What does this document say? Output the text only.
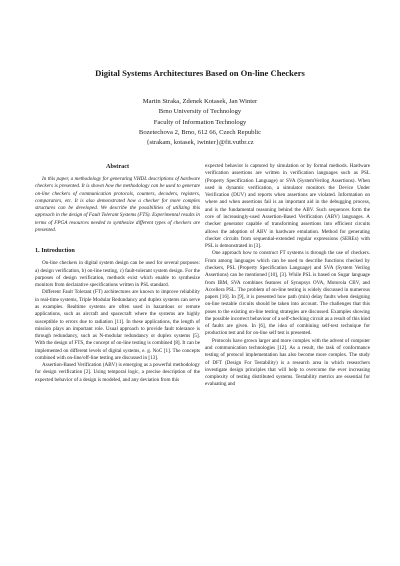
Digital Systems Architectures Based on On-line Checkers
Martin Straka, Zdenek Kotasek, Jan Winter
Brno University of Technology
Faculty of Information Technology
Bozetechova 2, Brno, 612 66, Czech Republic
{strakam, kotasek, iwinter}@fit.vutbr.cz
Abstract

In this paper, a methodology for generating VHDL descriptions of hardware checkers is presented. It is shown how the methodology can be used to generate on-line checkers of communication protocols, counters, decoders, registers, comparators, etc. It is also demonstrated how a checker for more complex structures can be developed. We describe the possibilities of utilizing this approach in the design of Fault Tolerant Systems (FTS). Experimental results in terms of FPGA resources needed to synthesize different types of checkers are presented.

1. Introduction

On-line checkers in digital system design can be used for several purposes: a) design verification, b) on-line testing, c) fault-tolerant system design. For the purposes of design verification, methods exist which enable to synthesize monitors from declarative specifications written in PSL standard.

Different Fault Tolerant (FT) architectures are known to improve reliability in real-time systems, Triple Modular Redundancy and duplex systems can serve as examples. Realtime systems are often used in hazardous or remote applications, such as aircraft and spacecraft where the systems are highly susceptible to errors due to radiation [11]. In these applications, the length of mission plays an important role. Usual approach to provide fault tolerance is through redundancy, such as N-modular redundancy or duplex systems [5]. With the design of FTS, the concept of on-line testing is combined [8]. It can be implemented on different levels of digital systems, e. g. NoC [1]. The concepts combined with on-line/off-line testing are discussed in [13].

Assertion-Based Verification (ABV) is emerging as a powerful methodology for design verification [2]. Using temporal logic, a precise description of the expected behavior of a design is modeled, and any deviation from this

expected behavior is captured by simulation or by formal methods. Hardware verification assertions are written in verification languages such as PSL (Property Specification Language) or SVA (SystemVerilog Assertions). When used in dynamic verification, a simulator monitors the Device Under Verification (DUV) and reports when assertions are violated. Information on where and when assertions fail is an important aid in the debugging process, and is the fundamental reasoning behind the ABV. Such sequences form the core of increasingly-used Assertion-Based Verification (ABV) languages. A checker generator capable of transforming assertions into efficient circuits allows the adoption of ABV in hardware emulation. Method for generating checker circuits from sequential-extended regular expressions (SEREs) with PSL is demonstrated in [3].

One approach how to construct FT systems is through the use of checkers. From among languages which can be used to describe functions checked by checkers, PSL (Property Specification Language) and SVA (System Verilog Assertions) can be mentioned [10], [3]. While PSL is based on Sugar language from IBM, SVA combines features of Synopsys OVA, Motorola CBV, and Accellera PSL. The problem of on-line testing is widely discussed in numerous papers [16]. In [9], it is presented how path (min) delay faults when designing on-line testable circuits should be taken into account. The challenges that this poses to the existing on-line testing strategies are discussed. Examples showing the possible incorrect behaviour of a self-checking circuit as a result of this kind of faults are given. In [6], the idea of combining self-test technique for production test and for on-line self test is presented.

Protocols have grown larger and more complex with the advent of computer and communication technologies [12]. As a result, the task of conformance testing of protocol implementation has also become more complex. The study of DFT (Design For Testability) is a research area in which researchers investigate design principles that will help to overcome the ever increasing complexity of testing distributed systems. Testability metrics are essential for evaluating and
